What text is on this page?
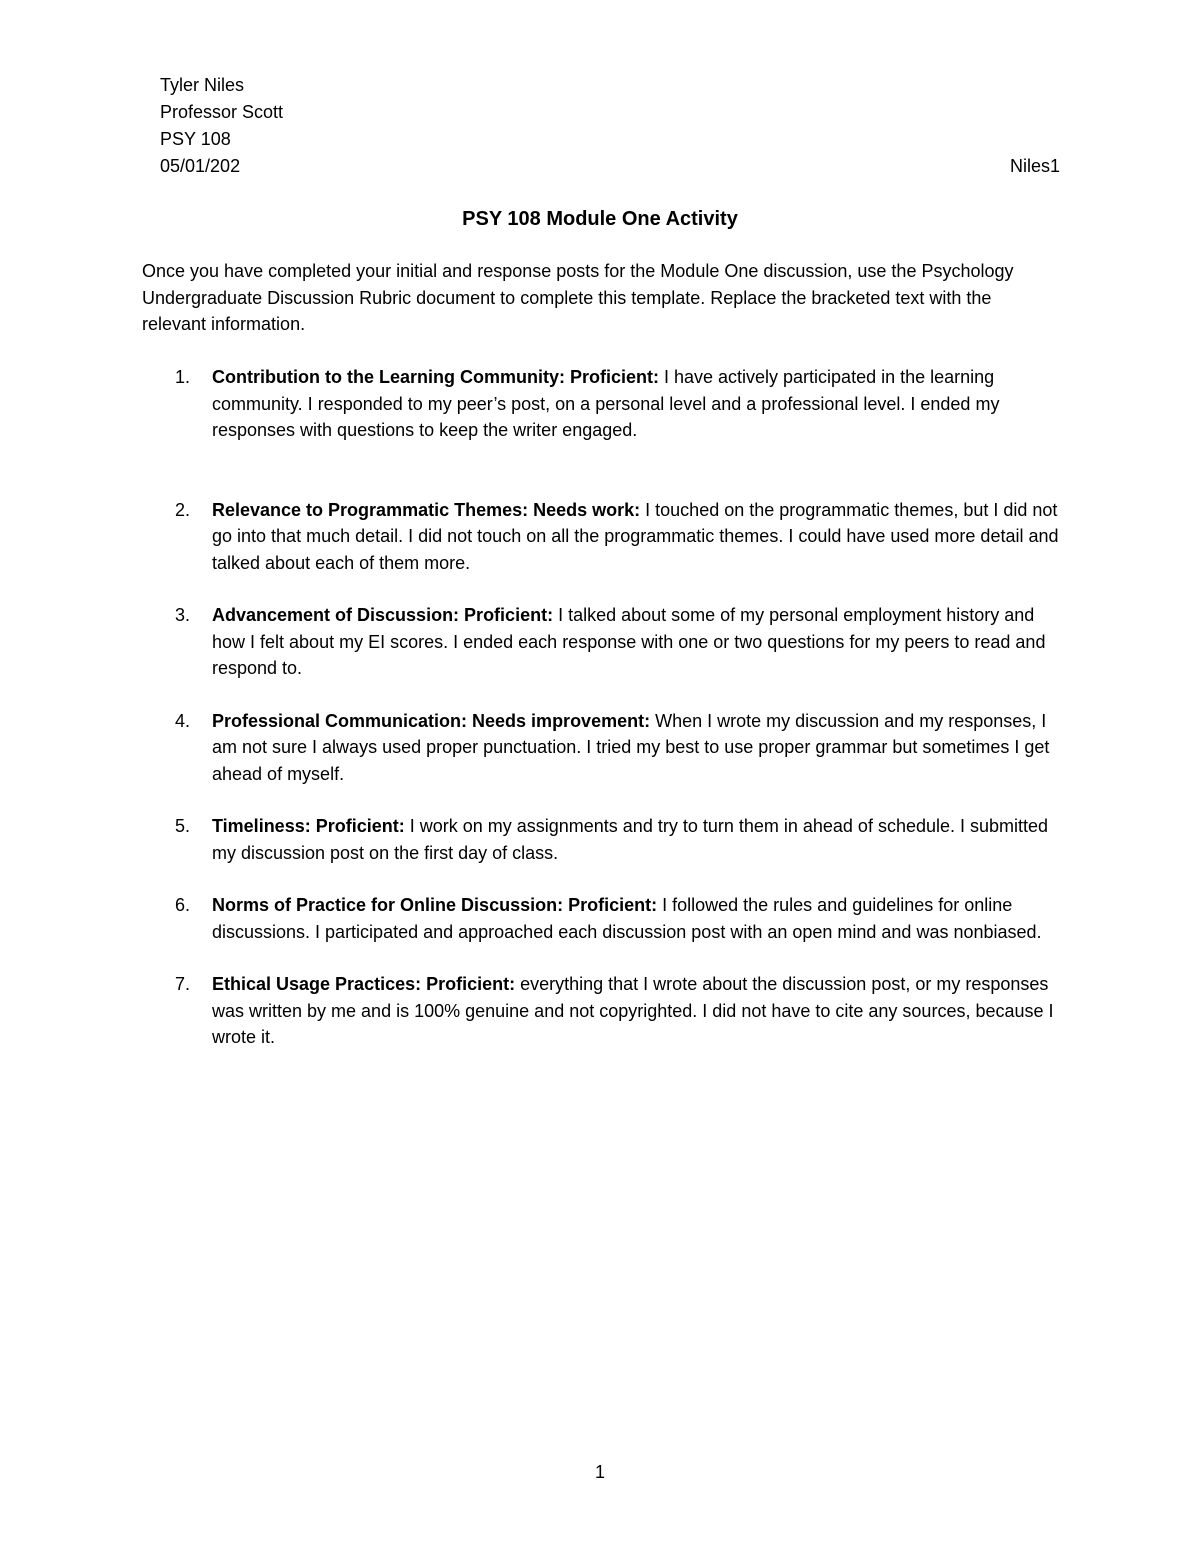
Tyler Niles
Professor Scott
PSY 108
05/01/202	Niles1
PSY 108 Module One Activity
Once you have completed your initial and response posts for the Module One discussion, use the Psychology Undergraduate Discussion Rubric document to complete this template. Replace the bracketed text with the relevant information.
1. Contribution to the Learning Community: Proficient: I have actively participated in the learning community. I responded to my peer’s post, on a personal level and a professional level. I ended my responses with questions to keep the writer engaged.
2. Relevance to Programmatic Themes: Needs work: I touched on the programmatic themes, but I did not go into that much detail. I did not touch on all the programmatic themes. I could have used more detail and talked about each of them more.
3. Advancement of Discussion: Proficient: I talked about some of my personal employment history and how I felt about my EI scores. I ended each response with one or two questions for my peers to read and respond to.
4. Professional Communication: Needs improvement: When I wrote my discussion and my responses, I am not sure I always used proper punctuation. I tried my best to use proper grammar but sometimes I get ahead of myself.
5. Timeliness: Proficient: I work on my assignments and try to turn them in ahead of schedule. I submitted my discussion post on the first day of class.
6. Norms of Practice for Online Discussion: Proficient: I followed the rules and guidelines for online discussions. I participated and approached each discussion post with an open mind and was nonbiased.
7. Ethical Usage Practices: Proficient: everything that I wrote about the discussion post, or my responses was written by me and is 100% genuine and not copyrighted. I did not have to cite any sources, because I wrote it.
1
